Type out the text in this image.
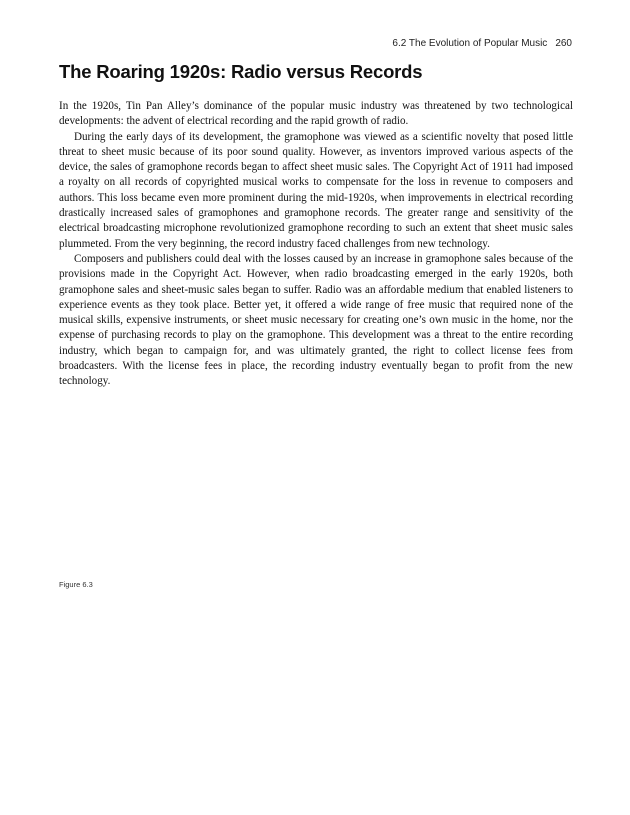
6.2 The Evolution of Popular Music 260
The Roaring 1920s: Radio versus Records

In the 1920s, Tin Pan Alley’s dominance of the popular music industry was threatened by two technological developments: the advent of electrical recording and the rapid growth of radio.

During the early days of its development, the gramophone was viewed as a scientific novelty that posed little threat to sheet music because of its poor sound quality. However, as inventors improved various aspects of the device, the sales of gramophone records began to affect sheet music sales. The Copyright Act of 1911 had imposed a royalty on all records of copyrighted musical works to compensate for the loss in revenue to composers and authors. This loss became even more prominent during the mid-1920s, when improvements in electrical recording drastically increased sales of gramophones and gramophone records. The greater range and sensitivity of the electrical broadcasting microphone revolutionized gramophone recording to such an extent that sheet music sales plummeted. From the very beginning, the record industry faced challenges from new technology.

Composers and publishers could deal with the losses caused by an increase in gramophone sales because of the provisions made in the Copyright Act. However, when radio broadcasting emerged in the early 1920s, both gramophone sales and sheet-music sales began to suffer. Radio was an affordable medium that enabled listeners to experience events as they took place. Better yet, it offered a wide range of free music that required none of the musical skills, expensive instruments, or sheet music necessary for creating one’s own music in the home, nor the expense of purchasing records to play on the gramophone. This development was a threat to the entire recording industry, which began to campaign for, and was ultimately granted, the right to collect license fees from broadcasters. With the license fees in place, the recording industry eventually began to profit from the new technology.

Figure 6.3
